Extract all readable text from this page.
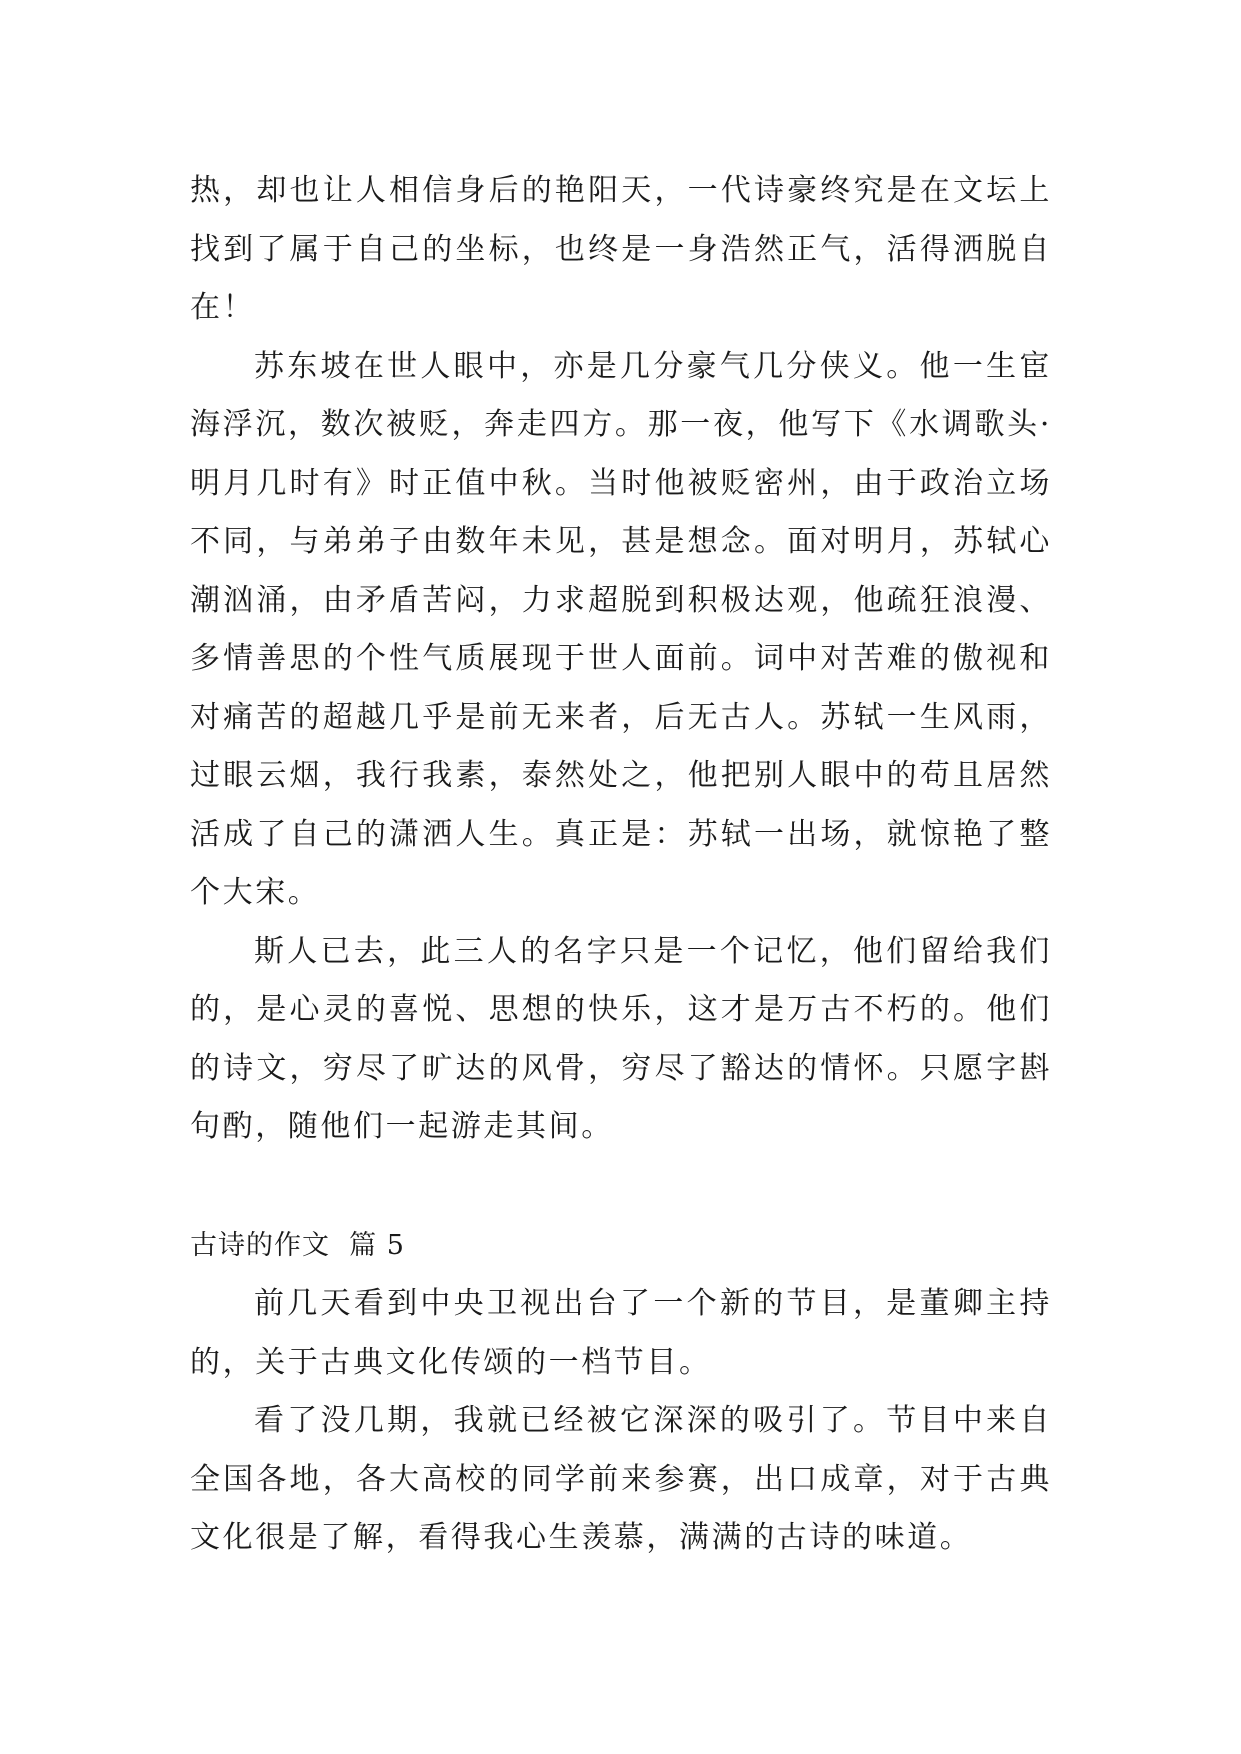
热，却也让人相信身后的艳阳天，一代诗豪终究是在文坛上找到了属于自己的坐标，也终是一身浩然正气，活得洒脱自在！

苏东坡在世人眼中，亦是几分豪气几分侠义。他一生宦海浮沉，数次被贬，奔走四方。那一夜，他写下《水调歌头·明月几时有》时正值中秋。当时他被贬密州，由于政治立场不同，与弟弟子由数年未见，甚是想念。面对明月，苏轼心潮汹涌，由矛盾苦闷，力求超脱到积极达观，他疏狂浪漫、多情善思的个性气质展现于世人面前。词中对苦难的傲视和对痛苦的超越几乎是前无来者，后无古人。苏轼一生风雨，过眼云烟，我行我素，泰然处之，他把别人眼中的苟且居然活成了自己的潇洒人生。真正是：苏轼一出场，就惊艳了整个大宋。

斯人已去，此三人的名字只是一个记忆，他们留给我们的，是心灵的喜悦、思想的快乐，这才是万古不朽的。他们的诗文，穷尽了旷达的风骨，穷尽了豁达的情怀。只愿字斟句酌，随他们一起游走其间。

古诗的作文  篇 5

前几天看到中央卫视出台了一个新的节目，是董卿主持的，关于古典文化传颂的一档节目。

看了没几期，我就已经被它深深的吸引了。节目中来自全国各地，各大高校的同学前来参赛，出口成章，对于古典文化很是了解，看得我心生羡慕，满满的古诗的味道。
